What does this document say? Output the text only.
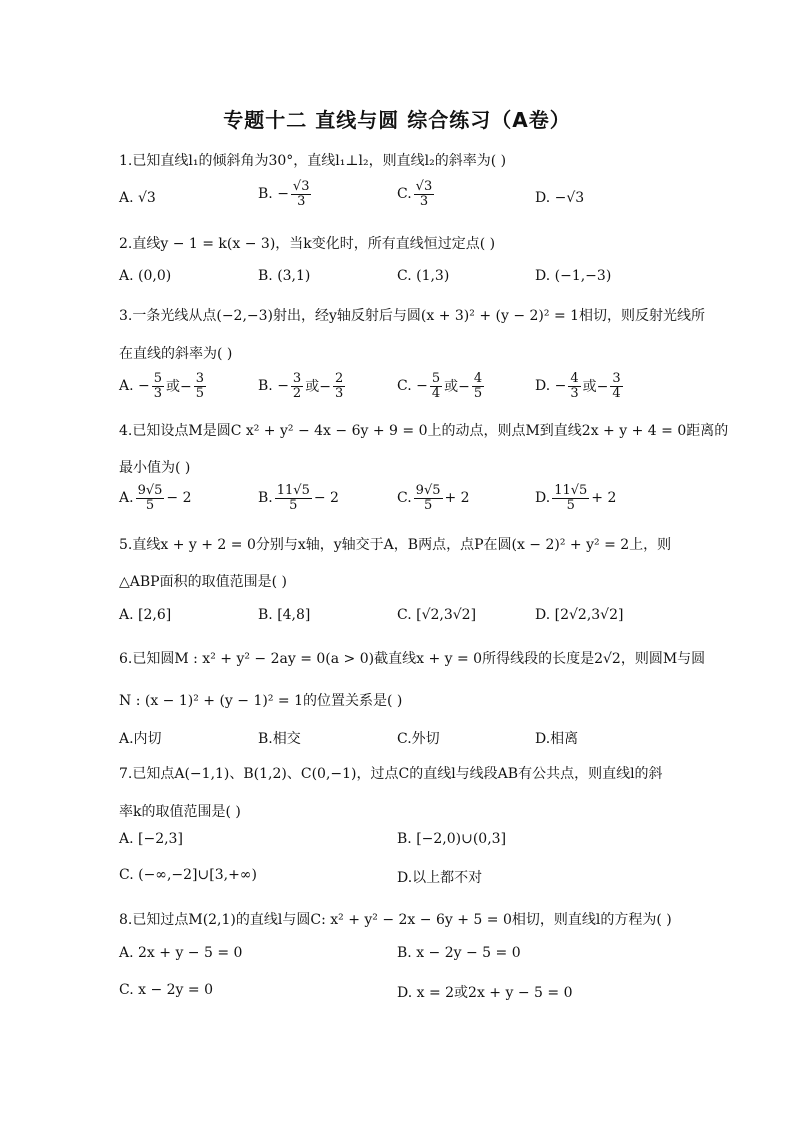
专题十二 直线与圆 综合练习（A卷）
1.已知直线l₁的倾斜角为30°，直线l₁⊥l₂，则直线l₂的斜率为( )
A. √3	B. − $\frac{√3}{3}$	C. $\frac{√3}{3}$	D. −√3
2.直线y − 1 = k(x − 3)，当k变化时，所有直线恒过定点( )
A. (0,0)	B. (3,1)	C. (1,3)	D. (−1,−3)
3.一条光线从点(−2,−3)射出，经y轴反射后与圆(x + 3)² + (y − 2)² = 1相切，则反射光线所
在直线的斜率为( )
A. − $\frac{5}{3}$ 或− $\frac{3}{5}$	B. − $\frac{3}{2}$ 或− $\frac{2}{3}$	C. − $\frac{5}{4}$ 或− $\frac{4}{5}$	D. − $\frac{4}{3}$ 或− $\frac{3}{4}$
4.已知设点M是圆C x² + y² − 4x − 6y + 9 = 0上的动点，则点M到直线2x + y + 4 = 0距离的
最小值为( )
A. $\frac{9√5}{5} - 2$	B. $\frac{11√5}{5} - 2$	C. $\frac{9√5}{5} + 2$	D. $\frac{11√5}{5} + 2$
5.直线x + y + 2 = 0分别与x轴，y轴交于A，B两点，点P在圆(x − 2)² + y² = 2上，则
△ABP面积的取值范围是( )
A. [2,6]	B. [4,8]	C. [√2,3√2]	D. [2√2,3√2]
6.已知圆M : x² + y² − 2ay = 0(a > 0)截直线x + y = 0所得线段的长度是2√2，则圆M与圆
N : (x − 1)² + (y − 1)² = 1的位置关系是( )
A.内切	B.相交	C.外切	D.相离
7.已知点A(−1,1)、B(1,2)、C(0,−1)，过点C的直线l与线段AB有公共点，则直线l的斜
率k的取值范围是( )
A. [−2,3]	B. [−2,0)∪(0,3]
C. (−∞,−2]∪[3,+∞)	D.以上都不对
8.已知过点M(2,1)的直线l与圆C: x² + y² − 2x − 6y + 5 = 0相切，则直线l的方程为( )
A. 2x + y − 5 = 0	B. x − 2y − 5 = 0
C. x − 2y = 0	D. x = 2或2x + y − 5 = 0
